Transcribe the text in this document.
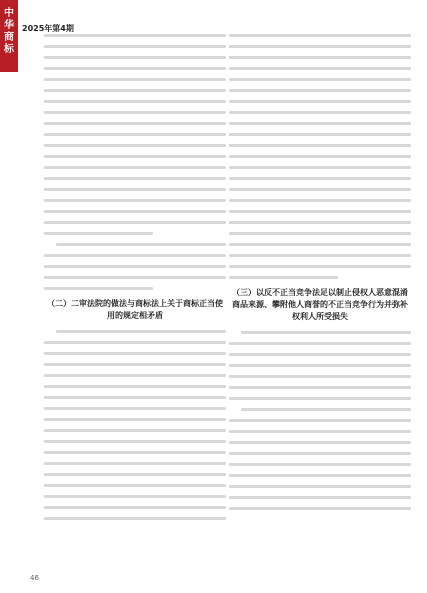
中华商标
2025年第4期
（二）二审法院的做法与商标法上关于商标正当使用的规定相矛盾
（三）以反不正当竞争法足以制止侵权人恶意混淆商品来源、攀附他人商誉的不正当竞争行为并弥补权利人所受损失
46
